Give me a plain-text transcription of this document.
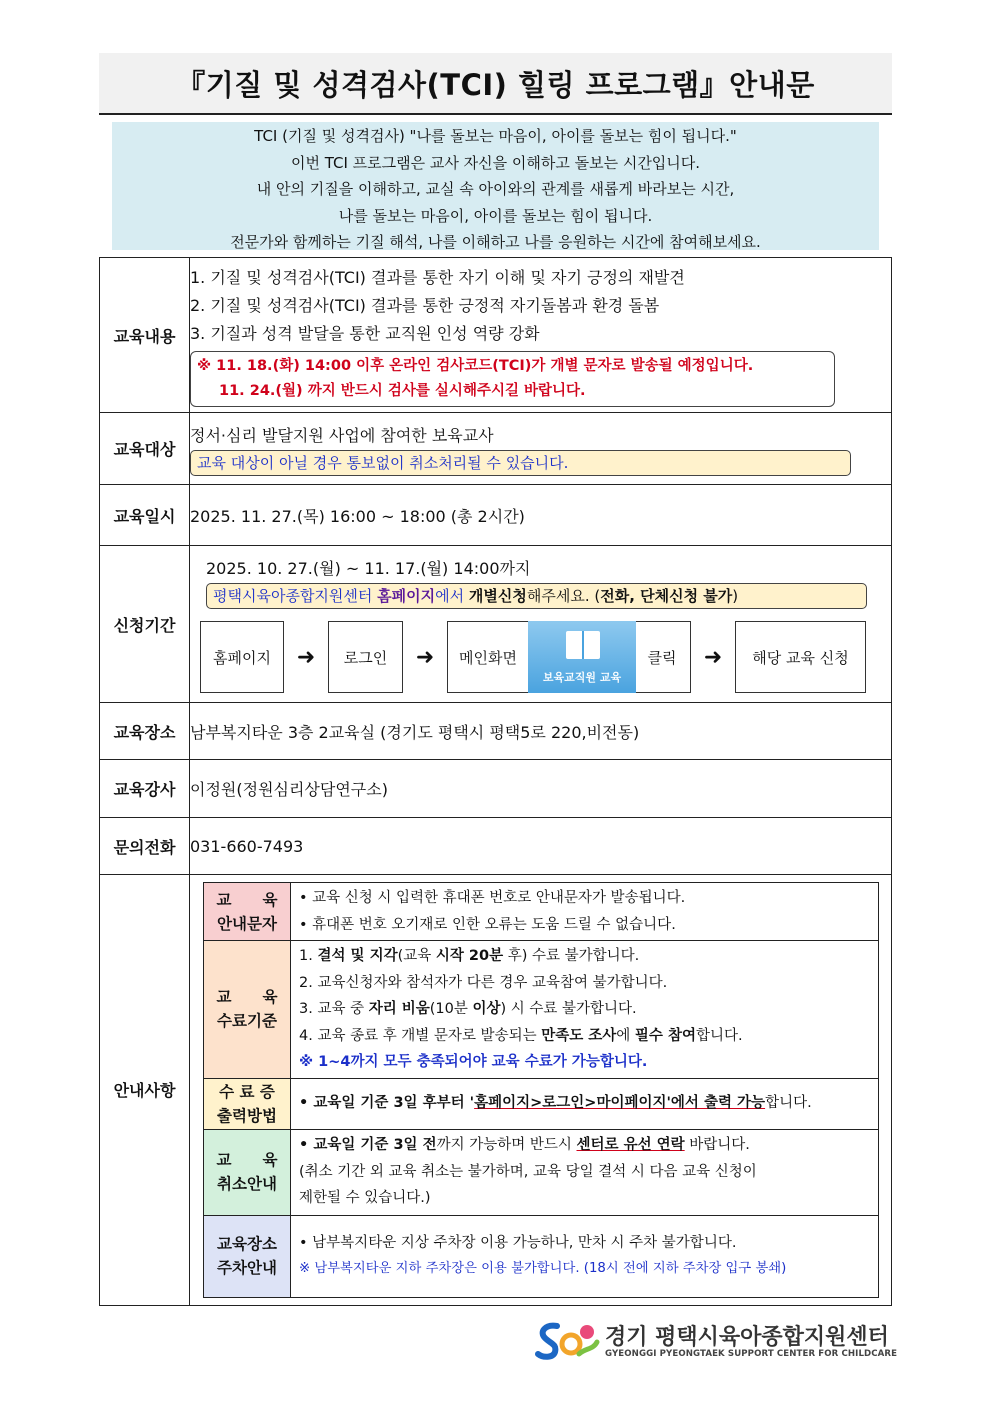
『기질 및 성격검사(TCI) 힐링 프로그램』안내문
TCI (기질 및 성격검사) "나를 돌보는 마음이, 아이를 돌보는 힘이 됩니다."
이번 TCI 프로그램은 교사 자신을 이해하고 돌보는 시간입니다.
내 안의 기질을 이해하고, 교실 속 아이와의 관계를 새롭게 바라보는 시간,
나를 돌보는 마음이, 아이를 돌보는 힘이 됩니다.
전문가와 함께하는 기질 해석, 나를 이해하고 나를 응원하는 시간에 참여해보세요.
교육내용	
1. 기질 및 성격검사(TCI) 결과를 통한 자기 이해 및 자기 긍정의 재발견
2. 기질 및 성격검사(TCI) 결과를 통한 긍정적 자기돌봄과 환경 돌봄
3. 기질과 성격 발달을 통한 교직원 인성 역량 강화
※ 11. 18.(화) 14:00 이후 온라인 검사코드(TCI)가 개별 문자로 발송될 예정입니다.
11. 24.(월) 까지 반드시 검사를 실시해주시길 바랍니다.

교육대상	
정서·심리 발달지원 사업에 참여한 보육교사
교육 대상이 아닐 경우 통보없이 취소처리될 수 있습니다.

교육일시	2025. 11. 27.(목) 16:00 ~ 18:00 (총 2시간)
신청기간	
2025. 10. 27.(월) ~ 11. 17.(월) 14:00까지
평택시육아종합지원센터 홈페이지에서 개별신청해주세요. (전화, 단체신청 불가)
홈페이지	➜	로그인	➜	메인화면
보육교직원 교육
클릭	➜	해당 교육 신청

교육장소	남부복지타운 3층 2교육실 (경기도 평택시 평택5로 220,비전동)
교육강사	이정원(정원심리상담연구소)
문의전화	031-660-7493
안내사항	
교　　육
안내문자

• 교육 신청 시 입력한 휴대폰 번호로 안내문자가 발송됩니다.
• 휴대폰 번호 오기재로 인한 오류는 도움 드릴 수 없습니다.

교　　육
수료기준

1. 결석 및 지각(교육 시작 20분 후) 수료 불가합니다.
2. 교육신청자와 참석자가 다른 경우 교육참여 불가합니다.
3. 교육 중 자리 비움(10분 이상) 시 수료 불가합니다.
4. 교육 종료 후 개별 문자로 발송되는 만족도 조사에 필수 참여합니다.
※ 1~4까지 모두 충족되어야 교육 수료가 가능합니다.

수 료 증
출력방법

• 교육일 기준 3일 후부터 '홈페이지>로그인>마이페이지'에서 출력 가능합니다.

교　　육
취소안내

• 교육일 기준 3일 전까지 가능하며 반드시 센터로 유선 연락 바랍니다.
(취소 기간 외 교육 취소는 불가하며, 교육 당일 결석 시 다음 교육 신청이
제한될 수 있습니다.)

교육장소
주차안내

• 남부복지타운 지상 주차장 이용 가능하나, 만차 시 주차 불가합니다.
※ 남부복지타운 지하 주차장은 이용 불가합니다. (18시 전에 지하 주차장 입구 봉쇄)
경기 평택시육아종합지원센터
GYEONGGI PYEONGTAEK SUPPORT CENTER FOR CHILDCARE
